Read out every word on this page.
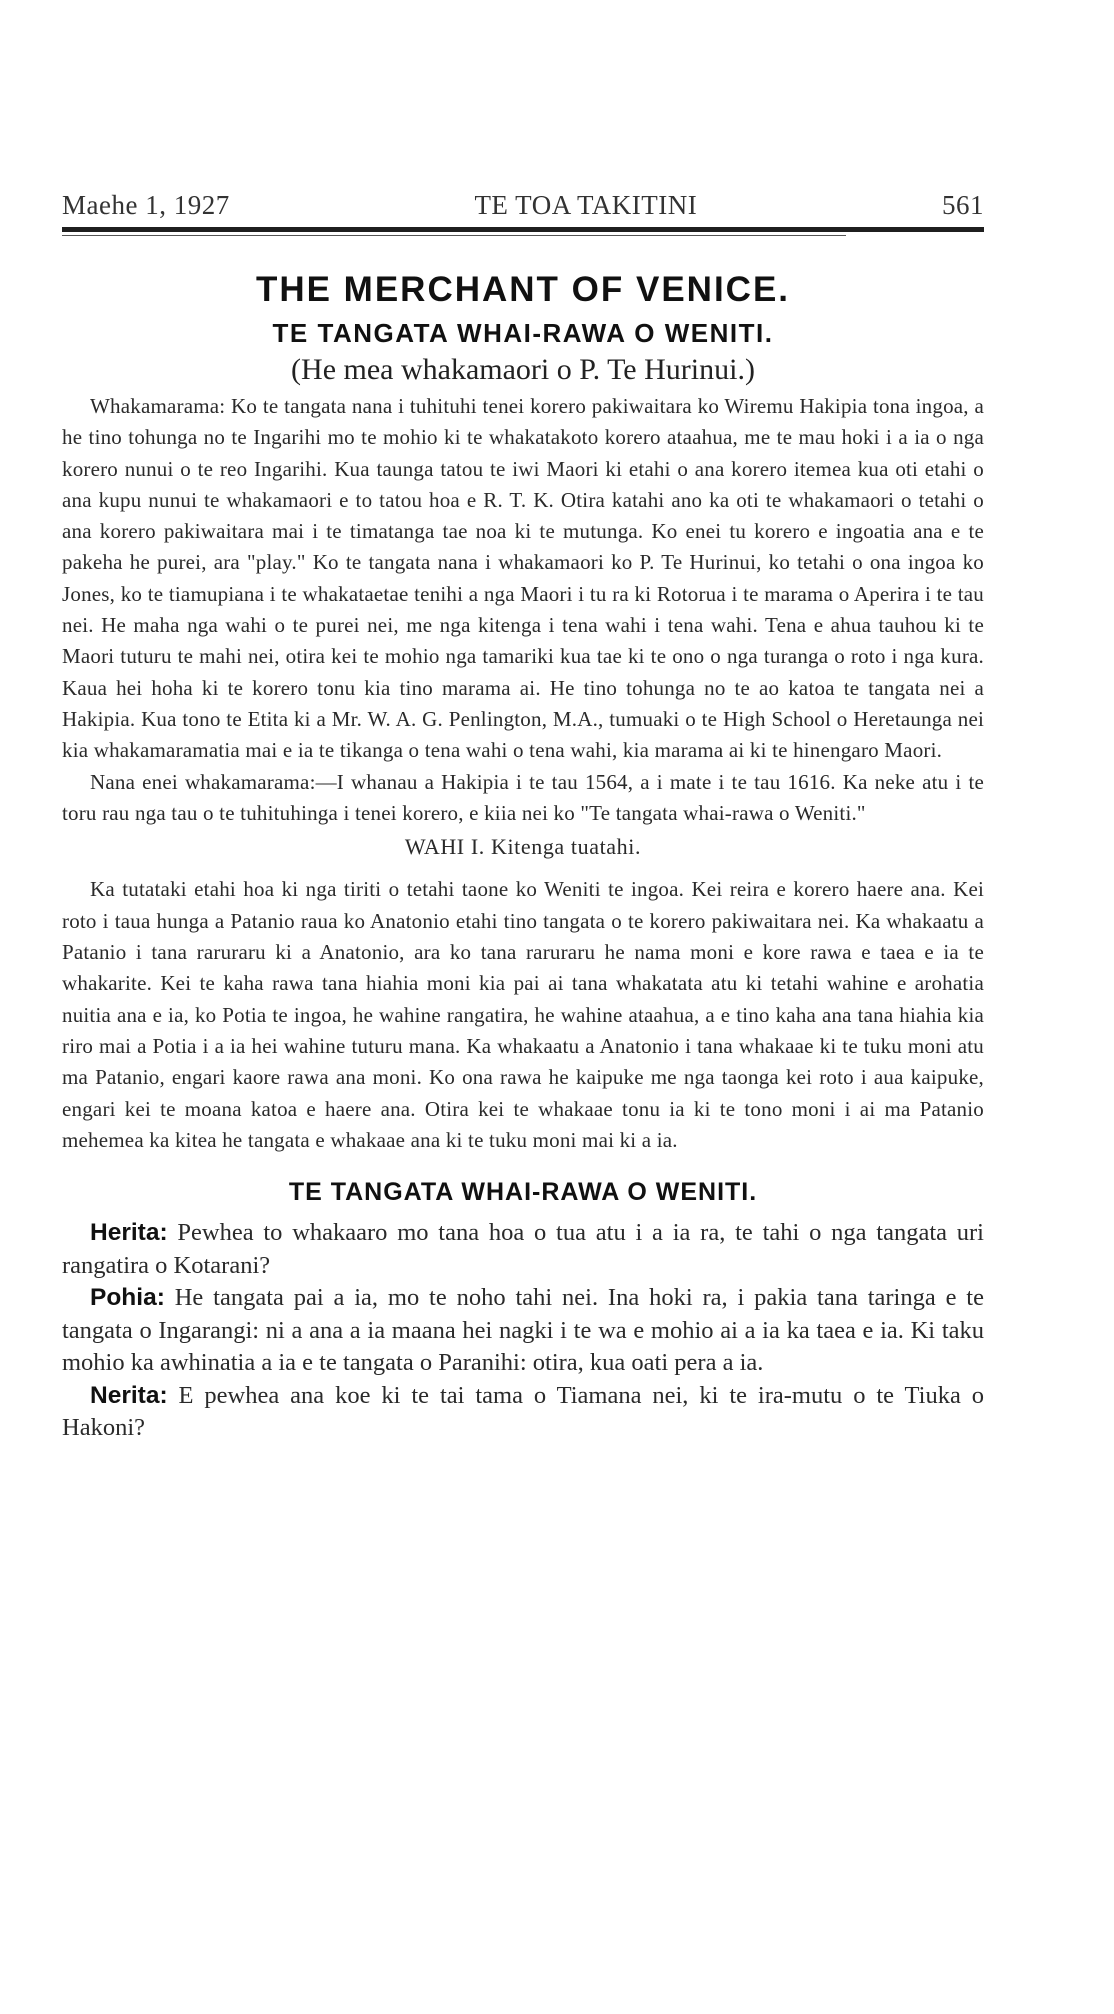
Maehe 1, 1927	TE TOA TAKITINI	561
THE MERCHANT OF VENICE.
TE TANGATA WHAI-RAWA O WENITI.
(He mea whakamaori o P. Te Hurinui.)

Whakamarama: Ko te tangata nana i tuhituhi tenei korero pakiwaitara ko Wiremu Hakipia tona ingoa, a he tino tohunga no te Ingarihi mo te mohio ki te whakatakoto korero ataahua, me te mau hoki i a ia o nga korero nunui o te reo Ingarihi. Kua taunga tatou te iwi Maori ki etahi o ana korero itemea kua oti etahi o ana kupu nunui te whakamaori e to tatou hoa e R. T. K. Otira katahi ano ka oti te whakamaori o tetahi o ana korero pakiwaitara mai i te timatanga tae noa ki te mutunga. Ko enei tu korero e ingoatia ana e te pakeha he purei, ara "play." Ko te tangata nana i whakamaori ko P. Te Hurinui, ko tetahi o ona ingoa ko Jones, ko te tiamupiana i te whakataetae tenihi a nga Maori i tu ra ki Rotorua i te marama o Aperira i te tau nei. He maha nga wahi o te purei nei, me nga kitenga i tena wahi i tena wahi. Tena e ahua tauhou ki te Maori tuturu te mahi nei, otira kei te mohio nga tamariki kua tae ki te ono o nga turanga o roto i nga kura. Kaua hei hoha ki te korero tonu kia tino marama ai. He tino tohunga no te ao katoa te tangata nei a Hakipia. Kua tono te Etita ki a Mr. W. A. G. Penlington, M.A., tumuaki o te High School o Heretaunga nei kia whakamaramatia mai e ia te tikanga o tena wahi o tena wahi, kia marama ai ki te hinengaro Maori.

Nana enei whakamarama:—I whanau a Hakipia i te tau 1564, a i mate i te tau 1616. Ka neke atu i te toru rau nga tau o te tuhituhinga i tenei korero, e kiia nei ko "Te tangata whai-rawa o Weniti."

WAHI I. Kitenga tuatahi.

Ka tutataki etahi hoa ki nga tiriti o tetahi taone ko Weniti te ingoa. Kei reira e korero haere ana. Kei roto i taua hunga a Patanio raua ko Anatonio etahi tino tangata o te korero pakiwaitara nei. Ka whakaatu a Patanio i tana raruraru ki a Anatonio, ara ko tana raruraru he nama moni e kore rawa e taea e ia te whakarite. Kei te kaha rawa tana hiahia moni kia pai ai tana whakatata atu ki tetahi wahine e arohatia nuitia ana e ia, ko Potia te ingoa, he wahine rangatira, he wahine ataahua, a e tino kaha ana tana hiahia kia riro mai a Potia i a ia hei wahine tuturu mana. Ka whakaatu a Anatonio i tana whakaae ki te tuku moni atu ma Patanio, engari kaore rawa ana moni. Ko ona rawa he kaipuke me nga taonga kei roto i aua kaipuke, engari kei te moana katoa e haere ana. Otira kei te whakaae tonu ia ki te tono moni i ai ma Patanio mehemea ka kitea he tangata e whakaae ana ki te tuku moni mai ki a ia.

TE TANGATA WHAI-RAWA O WENITI.

Herita: Pewhea to whakaaro mo tana hoa o tua atu i a ia ra, te tahi o nga tangata uri rangatira o Kotarani?

Pohia: He tangata pai a ia, mo te noho tahi nei. Ina hoki ra, i pakia tana taringa e te tangata o Ingarangi: ni a ana a ia maana hei nagki i te wa e mohio ai a ia ka taea e ia. Ki taku mohio ka awhinatia a ia e te tangata o Paranihi: otira, kua oati pera a ia.

Nerita: E pewhea ana koe ki te tai tama o Tiamana nei, ki te ira-mutu o te Tiuka o Hakoni?
